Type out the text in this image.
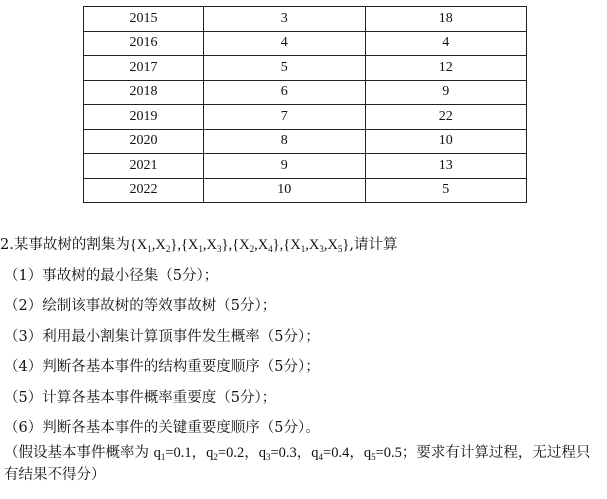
2015	3	18
2016	4	4
2017	5	12
2018	6	9
2019	7	22
2020	8	10
2021	9	13
2022	10	5
2.某事故树的割集为$\{X_1,X_2\},\{X_1,X_3\},\{X_2,X_4\},\{X_1,X_3,X_5\}$,请计算
（1）事故树的最小径集（5分）；
（2）绘制该事故树的等效事故树（5分）；
（3）利用最小割集计算顶事件发生概率（5分）；
（4）判断各基本事件的结构重要度顺序（5分）；
（5）计算各基本事件概率重要度（5分）；
（6）判断各基本事件的关键重要度顺序（5分）。
（假设基本事件概率为 $q_1=0.1$，$q_2=0.2$，$q_3=0.3$，$q_4=0.4$，$q_5=0.5$；要求有计算过程，无过程只有结果不得分）
